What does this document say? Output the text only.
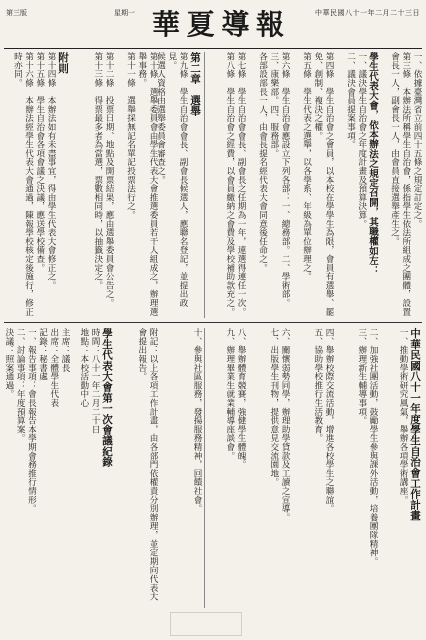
第三版	星期一 華 夏 導 報	中華民國八十一年二月二十三日

一、依據臺灣省立前四十五條之規定訂定之。

第三條　本辦法所稱學生自治會，係指學生依法所組成之團體，設置會長一人，副會長一人，由會員直接選舉產生之。

學生代表大會，依本辦法之規定召開，其職權如左：

一、議決學生自治會之年度計畫及預算決算。

二、議決會員提案事項。

第四條　學生自治會之會員，以本校在學學生為限，會員有選舉、罷免、創制、複決之權。

第五條　學生代表之選舉，以各學系、年級為單位辦理之。

第六條　學生自治會應設立下列各部：一、總務部。二、學術部。三、康樂部。四、服務部。

各部設部長一人，由會長提名經代表大會同意後任命之。

第七條　學生自治會會長、副會長之任期為一年，連選得連任一次。

第八條　學生自治會之經費，以會員繳納之會費及學校補助款充之。

第二章　選舉

第九條　學生自治會會長、副會長候選人，應聯名登記，並提出政見。

候選人資格由選舉委員會審查之。

第十條　選舉委員會由學生代表大會推選委員若干人組成之，辦理選舉事務。

第十一條　選舉採無記名單記投票法行之。

第十二條　投票日期、地點及開票結果，應由選舉委員會公告之。

第十三條　得票最多者為當選，票數相同時，以抽籤決定之。

附則

第十四條　本辦法如有未盡事宜，得由學生代表大會修正之。

第十五條　學生自治會各項會議之決議，應送學校備查。

第十六條　本辦法經學生代表大會通過，陳報學校核定後施行，修正時亦同。

中華民國八十一年度學生自治會工作計畫

一、推動學術研究風氣，舉辦各項學術講座。

二、加強社團活動，鼓勵學生參與課外活動，培養團隊精神。

三、辦理新生輔導事項。

四、舉辦校際交流活動，增進各校學生之聯誼。

五、協助學校推行生活教育。

六、關懷弱勢同學，辦理助學貸款及工讀之宣導。

七、出版學生刊物，提供意見交流園地。

八、舉辦體育競賽，強健學生體魄。

九、辦理畢業生就業輔導座談會。

十、參與社區服務，發揚服務精神，回饋社會。

附記：以上各項工作計畫，由各部門依權責分別辦理，並定期向代表大會提出報告。

學生代表大會第一次會議紀錄

時間：八十一年二月二十日

地點：本校活動中心

主席：議長

出席：全體學生代表

記錄：秘書處

一、報告事項：會長報告本學期會務推行情形。

二、討論事項：年度預算案。

決議：照案通過。
